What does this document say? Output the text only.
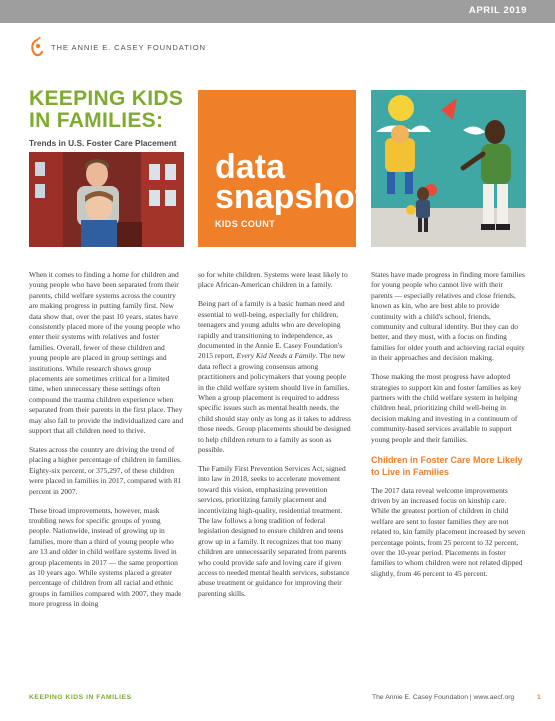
APRIL 2019
THE ANNIE E. CASEY FOUNDATION
KEEPING KIDS
IN FAMILIES:
Trends in U.S. Foster Care Placement
data
snapshot
KIDS COUNT

When it comes to finding a home for children and young people who have been separated from their parents, child welfare systems across the country are making progress in putting family first. New data show that, over the past 10 years, states have consistently placed more of the young people who enter their systems with relatives and foster families. Overall, fewer of these children and young people are placed in group settings and institutions. While research shows group placements are sometimes critical for a limited time, when unnecessary these settings often compound the trauma children experience when separated from their parents in the first place. They may also fail to provide the individualized care and support that all children need to thrive.

States across the country are driving the trend of placing a higher percentage of children in families. Eighty-six percent, or 375,297, of these children were placed in families in 2017, compared with 81 percent in 2007.

These broad improvements, however, mask troubling news for specific groups of young people. Nationwide, instead of growing up in families, more than a third of young people who are 13 and older in child welfare systems lived in group placements in 2017 — the same proportion as 10 years ago. While systems placed a greater percentage of children from all racial and ethnic groups in families compared with 2007, they made more progress in doing

so for white children. Systems were least likely to place African-American children in a family.

Being part of a family is a basic human need and essential to well-being, especially for children, teenagers and young adults who are developing rapidly and transitioning to independence, as documented in the Annie E. Casey Foundation's 2015 report, Every Kid Needs a Family. The new data reflect a growing consensus among practitioners and policymakers that young people in the child welfare system should live in families. When a group placement is required to address specific issues such as mental health needs, the child should stay only as long as it takes to address those needs. Group placements should be designed to help children return to a family as soon as possible.

The Family First Prevention Services Act, signed into law in 2018, seeks to accelerate movement toward this vision, emphasizing prevention services, prioritizing family placement and incentivizing high-quality, residential treatment. The law follows a long tradition of federal legislation designed to ensure children and teens grow up in a family. It recognizes that too many children are unnecessarily separated from parents who could provide safe and loving care if given access to needed mental health services, substance abuse treatment or guidance for improving their parenting skills.

States have made progress in finding more families for young people who cannot live with their parents — especially relatives and close friends, known as kin, who are best able to provide continuity with a child's school, friends, community and cultural identity. But they can do better, and they must, with a focus on finding families for older youth and achieving racial equity in their approaches and decision making.

Those making the most progress have adopted strategies to support kin and foster families as key partners with the child welfare system in helping children heal, prioritizing child well-being in decision making and investing in a continuum of community-based services available to support young people and their families.

Children in Foster Care More Likely to Live in Families

The 2017 data reveal welcome improvements driven by an increased focus on kinship care. While the greatest portion of children in child welfare are sent to foster families they are not related to, kin family placement increased by seven percentage points, from 25 percent to 32 percent, over the 10-year period. Placements in foster families to whom children were not related dipped slightly, from 46 percent to 45 percent.

KEEPING KIDS IN FAMILIES	The Annie E. Casey Foundation | www.aecf.org	1
